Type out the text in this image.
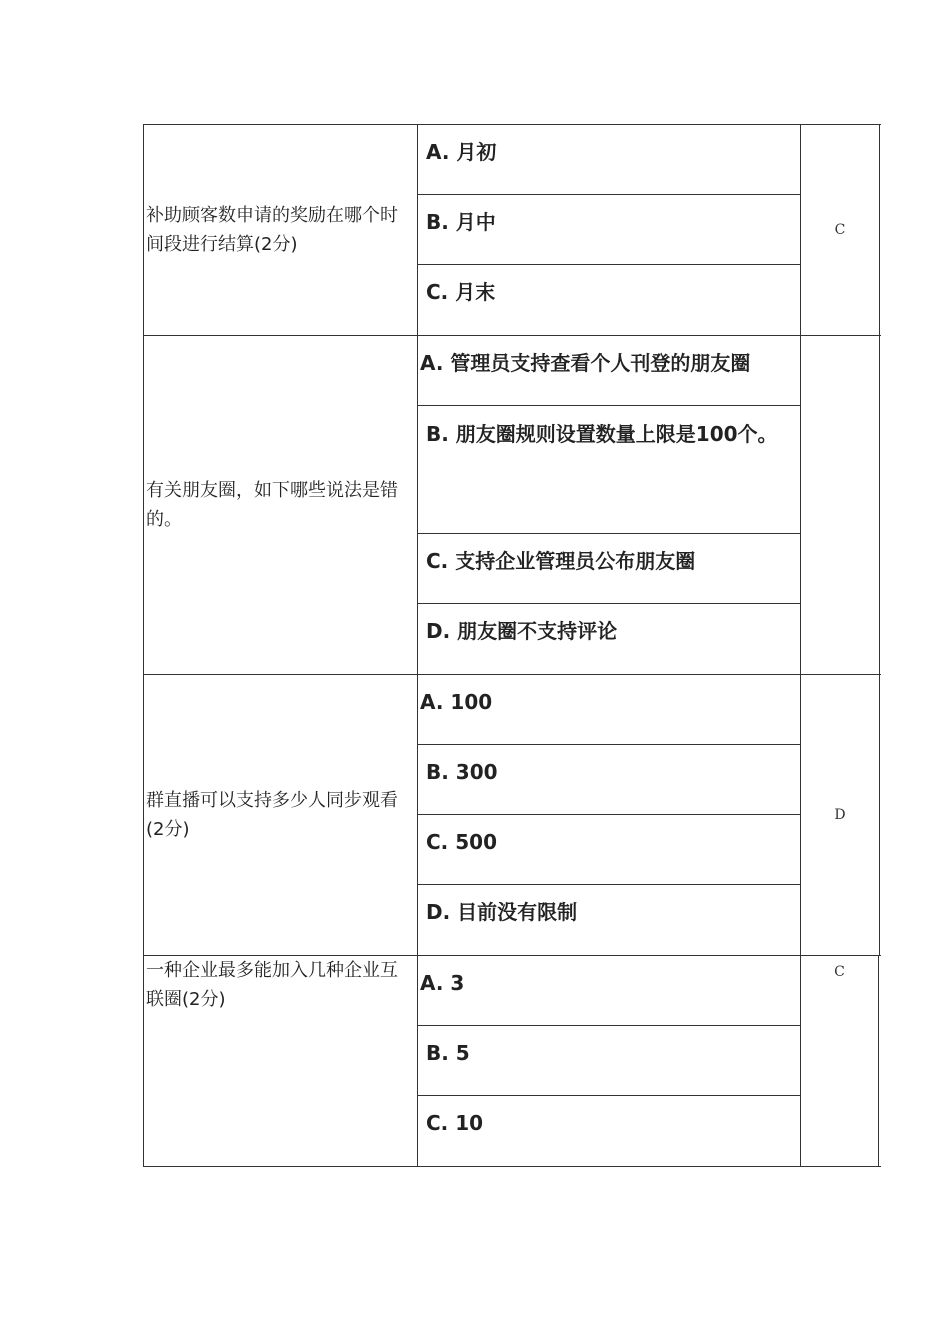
补助顾客数申请的奖励在哪个时间段进行结算(2分)
A. 月初
B. 月中
C. 月末
C
有关朋友圈，如下哪些说法是错的。
A. 管理员支持查看个人刊登的朋友圈
B. 朋友圈规则设置数量上限是100个。
C. 支持企业管理员公布朋友圈
D. 朋友圈不支持评论
群直播可以支持多少人同步观看(2分)
A. 100
B. 300
C. 500
D. 目前没有限制
D
一种企业最多能加入几种企业互联圈(2分)
A. 3
B. 5
C. 10
C
